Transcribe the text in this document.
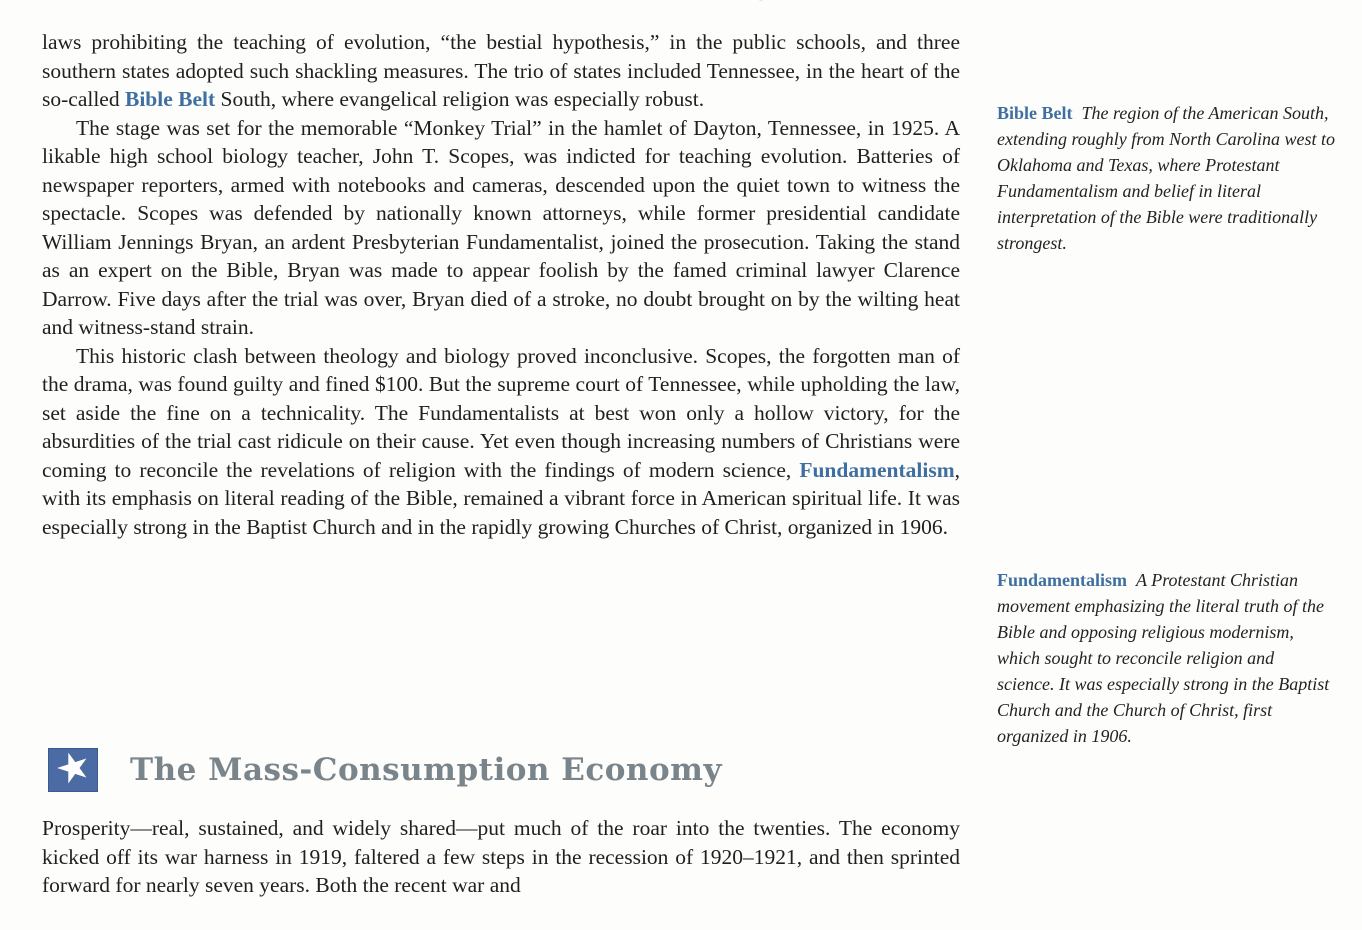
laws prohibiting the teaching of evolution, “the bestial hypothesis,” in the public schools, and three southern states adopted such shackling measures. The trio of states included Tennessee, in the heart of the so-called Bible Belt South, where evangelical religion was especially robust.

The stage was set for the memorable “Monkey Trial” in the hamlet of Dayton, Tennessee, in 1925. A likable high school biology teacher, John T. Scopes, was indicted for teaching evolution. Batteries of newspaper reporters, armed with notebooks and cameras, descended upon the quiet town to witness the spectacle. Scopes was defended by nationally known attorneys, while former presidential candidate William Jennings Bryan, an ardent Presbyterian Fundamentalist, joined the prosecution. Taking the stand as an expert on the Bible, Bryan was made to appear foolish by the famed criminal lawyer Clarence Darrow. Five days after the trial was over, Bryan died of a stroke, no doubt brought on by the wilting heat and witness-stand strain.

This historic clash between theology and biology proved inconclusive. Scopes, the forgotten man of the drama, was found guilty and fined $100. But the supreme court of Tennessee, while upholding the law, set aside the fine on a technicality. The Fundamentalists at best won only a hollow victory, for the absurdities of the trial cast ridicule on their cause. Yet even though increasing numbers of Christians were coming to reconcile the revelations of religion with the findings of modern science, Fundamentalism, with its emphasis on literal reading of the Bible, remained a vibrant force in American spiritual life. It was especially strong in the Baptist Church and in the rapidly growing Churches of Christ, organized in 1906.

★ The Mass-Consumption Economy

Prosperity—real, sustained, and widely shared—put much of the roar into the twenties. The economy kicked off its war harness in 1919, faltered a few steps in the recession of 1920–1921, and then sprinted forward for nearly seven years. Both the recent war and

Bible Belt The region of the American South, extending roughly from North Carolina west to Oklahoma and Texas, where Protestant Fundamentalism and belief in literal interpretation of the Bible were traditionally strongest.
Fundamentalism A Protestant Christian movement emphasizing the literal truth of the Bible and opposing religious modernism, which sought to reconcile religion and science. It was especially strong in the Baptist Church and the Church of Christ, first organized in 1906.
